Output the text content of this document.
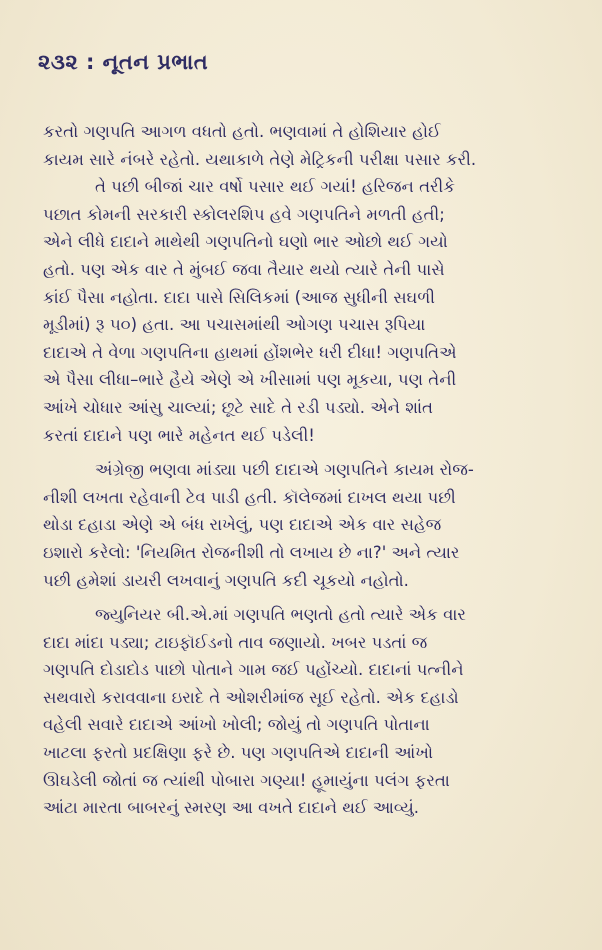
૨૩૨ : નૂતન પ્રભાત
કરતો ગણપતિ આગળ વધતો હતો. ભણવામાં તે હોશિયાર હોઈ
કાયમ સારે નંબરે રહેતો. યથાકાળે તેણે મેટ્રિકની પરીક્ષા પસાર કરી.
તે પછી બીજાં ચાર વર્ષો પસાર થઈ ગયાં! હરિજન તરીકે
પછાત કોમની સરકારી સ્કોલરશિપ હવે ગણપતિને મળતી હતી;
એને લીધે દાદાને માથેથી ગણપતિનો ઘણો ભાર ઓછો થઈ ગયો
હતો. પણ એક વાર તે મુંબઈ જવા તૈયાર થયો ત્યારે તેની પાસે
કાંઈ પૈસા નહોતા. દાદા પાસે સિલિકમાં (આજ સુધીની સઘળી
મૂડીમાં) રૂ ૫૦) હતા. આ પચાસમાંથી ઓગણ પચાસ રૂપિયા
દાદાએ તે વેળા ગણપતિના હાથમાં હોંશભેર ધરી દીધા! ગણપતિએ
એ પૈસા લીધા–ભારે હૈયે એણે એ ખીસામાં પણ મૂકયા, પણ તેની
આંખે ચોધાર આંસુ ચાલ્યાં; છૂટે સાદે તે રડી પડ્યો. એને શાંત
કરતાં દાદાને પણ ભારે મહેનત થઈ પડેલી!
અંગ્રેજી ભણવા માંડ્યા પછી દાદાએ ગણપતિને કાયમ રોજ-
નીશી લખતા રહેવાની ટેવ પાડી હતી. કૉલેજમાં દાખલ થયા પછી
થોડા દહાડા એણે એ બંધ રાખેલું, પણ દાદાએ એક વાર સહેજ
ઇશારો કરેલો: 'નિયમિત રોજનીશી તો લખાય છે ના?' અને ત્યાર
પછી હમેશાં ડાયરી લખવાનું ગણપતિ કદી ચૂકયો નહોતો.
જ્યુનિયર બી.એ.માં ગણપતિ ભણતો હતો ત્યારે એક વાર
દાદા માંદા પડ્યા; ટાઇફૉઈડનો તાવ જણાયો. ખબર પડતાં જ
ગણપતિ દોડાદોડ પાછો પોતાને ગામ જઈ પહોંચ્યો. દાદાનાં પત્નીને
સથવારો કરાવવાના ઇરાદે તે ઓશરીમાંજ સૂઈ રહેતો. એક દહાડો
વહેલી સવારે દાદાએ આંખો ખોલી; જોયું તો ગણપતિ પોતાના
ખાટલા ફરતો પ્રદક્ષિણા ફરે છે. પણ ગણપતિએ દાદાની આંખો
ઊઘડેલી જોતાં જ ત્યાંથી પોબારા ગણ્યા! હૂમાયુંના પલંગ ફરતા
આંટા મારતા બાબરનું સ્મરણ આ વખતે દાદાને થઈ આવ્યું.
